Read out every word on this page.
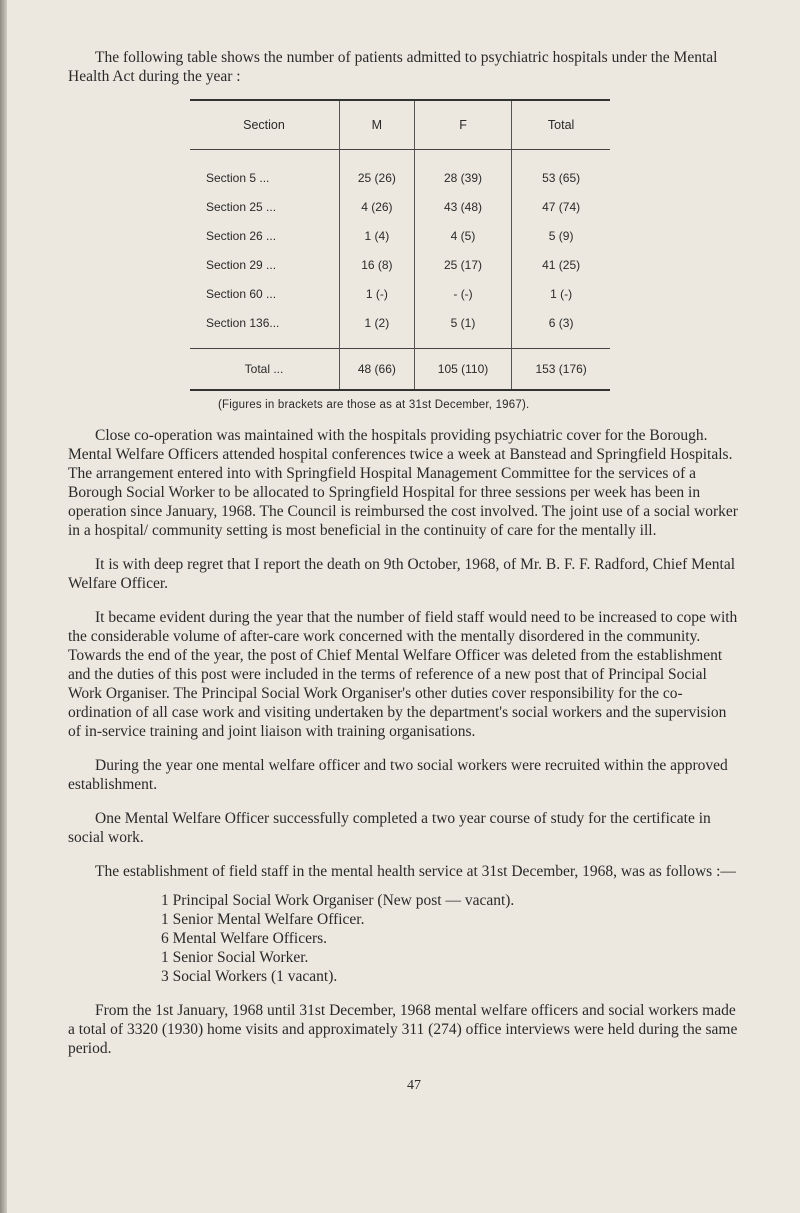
The following table shows the number of patients admitted to psychiatric hospitals under the Mental Health Act during the year :

Section	M	F	Total
Section 5 ...	25 (26)	28 (39)	53 (65)
Section 25 ...	4 (26)	43 (48)	47 (74)
Section 26 ...	1 (4)	4 (5)	5 (9)
Section 29 ...	16 (8)	25 (17)	41 (25)
Section 60 ...	1 (-)	- (-)	1 (-)
Section 136...	1 (2)	5 (1)	6 (3)
Total ...	48 (66)	105 (110)	153 (176)
(Figures in brackets are those as at 31st December, 1967).

Close co-operation was maintained with the hospitals providing psychiatric cover for the Borough. Mental Welfare Officers attended hospital conferences twice a week at Banstead and Springfield Hospitals. The arrangement entered into with Springfield Hospital Management Committee for the services of a Borough Social Worker to be allocated to Springfield Hospital for three sessions per week has been in operation since January, 1968. The Council is reimbursed the cost involved. The joint use of a social worker in a hospital/ community setting is most beneficial in the continuity of care for the mentally ill.

It is with deep regret that I report the death on 9th October, 1968, of Mr. B. F. F. Radford, Chief Mental Welfare Officer.

It became evident during the year that the number of field staff would need to be increased to cope with the considerable volume of after-care work concerned with the mentally disordered in the community. Towards the end of the year, the post of Chief Mental Welfare Officer was deleted from the establishment and the duties of this post were included in the terms of reference of a new post that of Principal Social Work Organiser. The Principal Social Work Organiser's other duties cover responsibility for the co-ordination of all case work and visiting undertaken by the department's social workers and the supervision of in-service training and joint liaison with training organisations.

During the year one mental welfare officer and two social workers were recruited within the approved establishment.

One Mental Welfare Officer successfully completed a two year course of study for the certificate in social work.

The establishment of field staff in the mental health service at 31st December, 1968, was as follows :—

1 Principal Social Work Organiser (New post — vacant).
1 Senior Mental Welfare Officer.
6 Mental Welfare Officers.
1 Senior Social Worker.
3 Social Workers (1 vacant).

From the 1st January, 1968 until 31st December, 1968 mental welfare officers and social workers made a total of 3320 (1930) home visits and approximately 311 (274) office interviews were held during the same period.

47
